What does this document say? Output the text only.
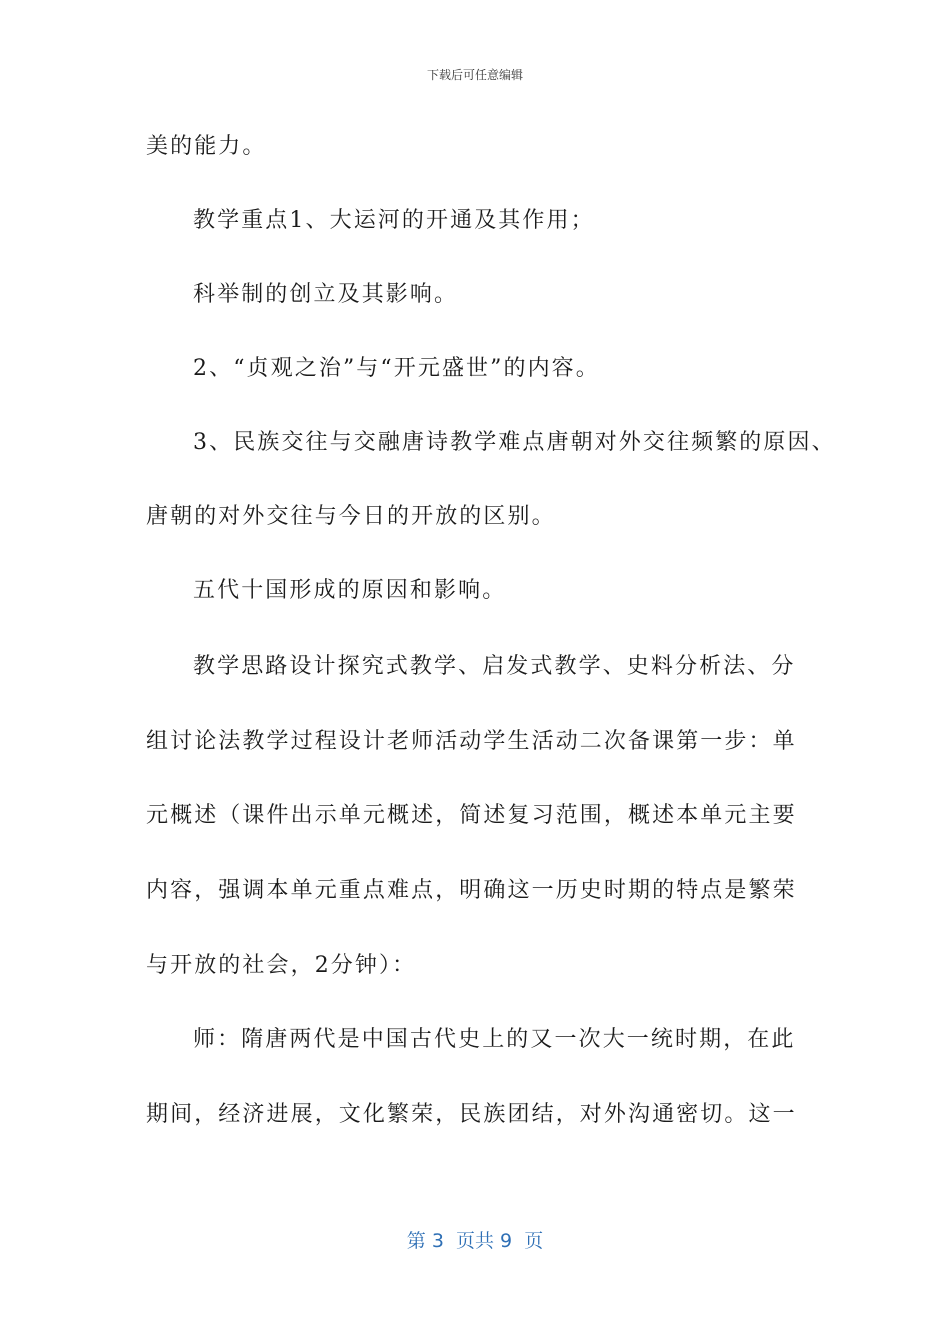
下载后可任意编辑
美的能力。
教学重点1、大运河的开通及其作用；
科举制的创立及其影响。
2、“贞观之治”与“开元盛世”的内容。
3、民族交往与交融唐诗教学难点唐朝对外交往频繁的原因、
唐朝的对外交往与今日的开放的区别。
五代十国形成的原因和影响。
教学思路设计探究式教学、启发式教学、史料分析法、分
组讨论法教学过程设计老师活动学生活动二次备课第一步：单
元概述（课件出示单元概述，简述复习范围，概述本单元主要
内容，强调本单元重点难点，明确这一历史时期的特点是繁荣
与开放的社会，2分钟）：
师：隋唐两代是中国古代史上的又一次大一统时期，在此
期间，经济进展，文化繁荣，民族团结，对外沟通密切。这一
第 3  页共 9  页
